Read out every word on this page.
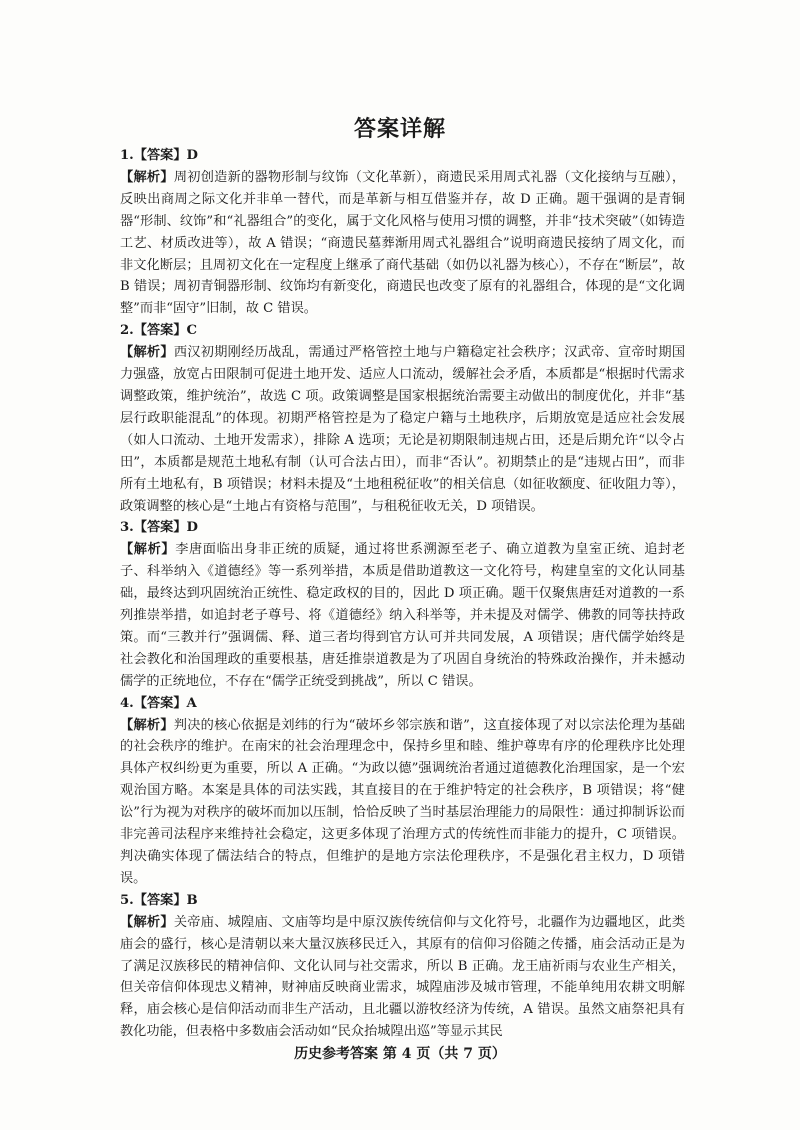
答案详解

1.【答案】D

【解析】周初创造新的器物形制与纹饰（文化革新），商遗民采用周式礼器（文化接纳与互融），反映出商周之际文化并非单一替代，而是革新与相互借鉴并存，故 D 正确。题干强调的是青铜器“形制、纹饰”和“礼器组合”的变化，属于文化风格与使用习惯的调整，并非“技术突破”（如铸造工艺、材质改进等），故 A 错误；“商遗民墓葬渐用周式礼器组合”说明商遗民接纳了周文化，而非文化断层；且周初文化在一定程度上继承了商代基础（如仍以礼器为核心），不存在“断层”，故 B 错误；周初青铜器形制、纹饰均有新变化，商遗民也改变了原有的礼器组合，体现的是“文化调整”而非“固守”旧制，故 C 错误。

2.【答案】C

【解析】西汉初期刚经历战乱，需通过严格管控土地与户籍稳定社会秩序；汉武帝、宣帝时期国力强盛，放宽占田限制可促进土地开发、适应人口流动，缓解社会矛盾，本质都是“根据时代需求调整政策，维护统治”，故选 C 项。政策调整是国家根据统治需要主动做出的制度优化，并非“基层行政职能混乱”的体现。初期严格管控是为了稳定户籍与土地秩序，后期放宽是适应社会发展（如人口流动、土地开发需求），排除 A 选项；无论是初期限制违规占田，还是后期允许“以令占田”，本质都是规范土地私有制（认可合法占田），而非“否认”。初期禁止的是“违规占田”，而非所有土地私有，B 项错误；材料未提及“土地租税征收”的相关信息（如征收额度、征收阻力等），政策调整的核心是“土地占有资格与范围”，与租税征收无关，D 项错误。

3.【答案】D

【解析】李唐面临出身非正统的质疑，通过将世系溯源至老子、确立道教为皇室正统、追封老子、科举纳入《道德经》等一系列举措，本质是借助道教这一文化符号，构建皇室的文化认同基础，最终达到巩固统治正统性、稳定政权的目的，因此 D 项正确。题干仅聚焦唐廷对道教的一系列推崇举措，如追封老子尊号、将《道德经》纳入科举等，并未提及对儒学、佛教的同等扶持政策。而“三教并行”强调儒、释、道三者均得到官方认可并共同发展，A 项错误；唐代儒学始终是社会教化和治国理政的重要根基，唐廷推崇道教是为了巩固自身统治的特殊政治操作，并未撼动儒学的正统地位，不存在“儒学正统受到挑战”，所以 C 错误。

4.【答案】A

【解析】判决的核心依据是刘纬的行为“破坏乡邻宗族和谐”，这直接体现了对以宗法伦理为基础的社会秩序的维护。在南宋的社会治理理念中，保持乡里和睦、维护尊卑有序的伦理秩序比处理具体产权纠纷更为重要，所以 A 正确。“为政以德”强调统治者通过道德教化治理国家，是一个宏观治国方略。本案是具体的司法实践，其直接目的在于维护特定的社会秩序，B 项错误；将“健讼”行为视为对秩序的破坏而加以压制，恰恰反映了当时基层治理能力的局限性：通过抑制诉讼而非完善司法程序来维持社会稳定，这更多体现了治理方式的传统性而非能力的提升，C 项错误。判决确实体现了儒法结合的特点，但维护的是地方宗法伦理秩序，不是强化君主权力，D 项错误。

5.【答案】B

【解析】关帝庙、城隍庙、文庙等均是中原汉族传统信仰与文化符号，北疆作为边疆地区，此类庙会的盛行，核心是清朝以来大量汉族移民迁入，其原有的信仰习俗随之传播，庙会活动正是为了满足汉族移民的精神信仰、文化认同与社交需求，所以 B 正确。龙王庙祈雨与农业生产相关，但关帝信仰体现忠义精神，财神庙反映商业需求，城隍庙涉及城市管理，不能单纯用农耕文明解释，庙会核心是信仰活动而非生产活动，且北疆以游牧经济为传统，A 错误。虽然文庙祭祀具有教化功能，但表格中多数庙会活动如“民众抬城隍出巡”等显示其民

历史参考答案 第 4 页（共 7 页）
